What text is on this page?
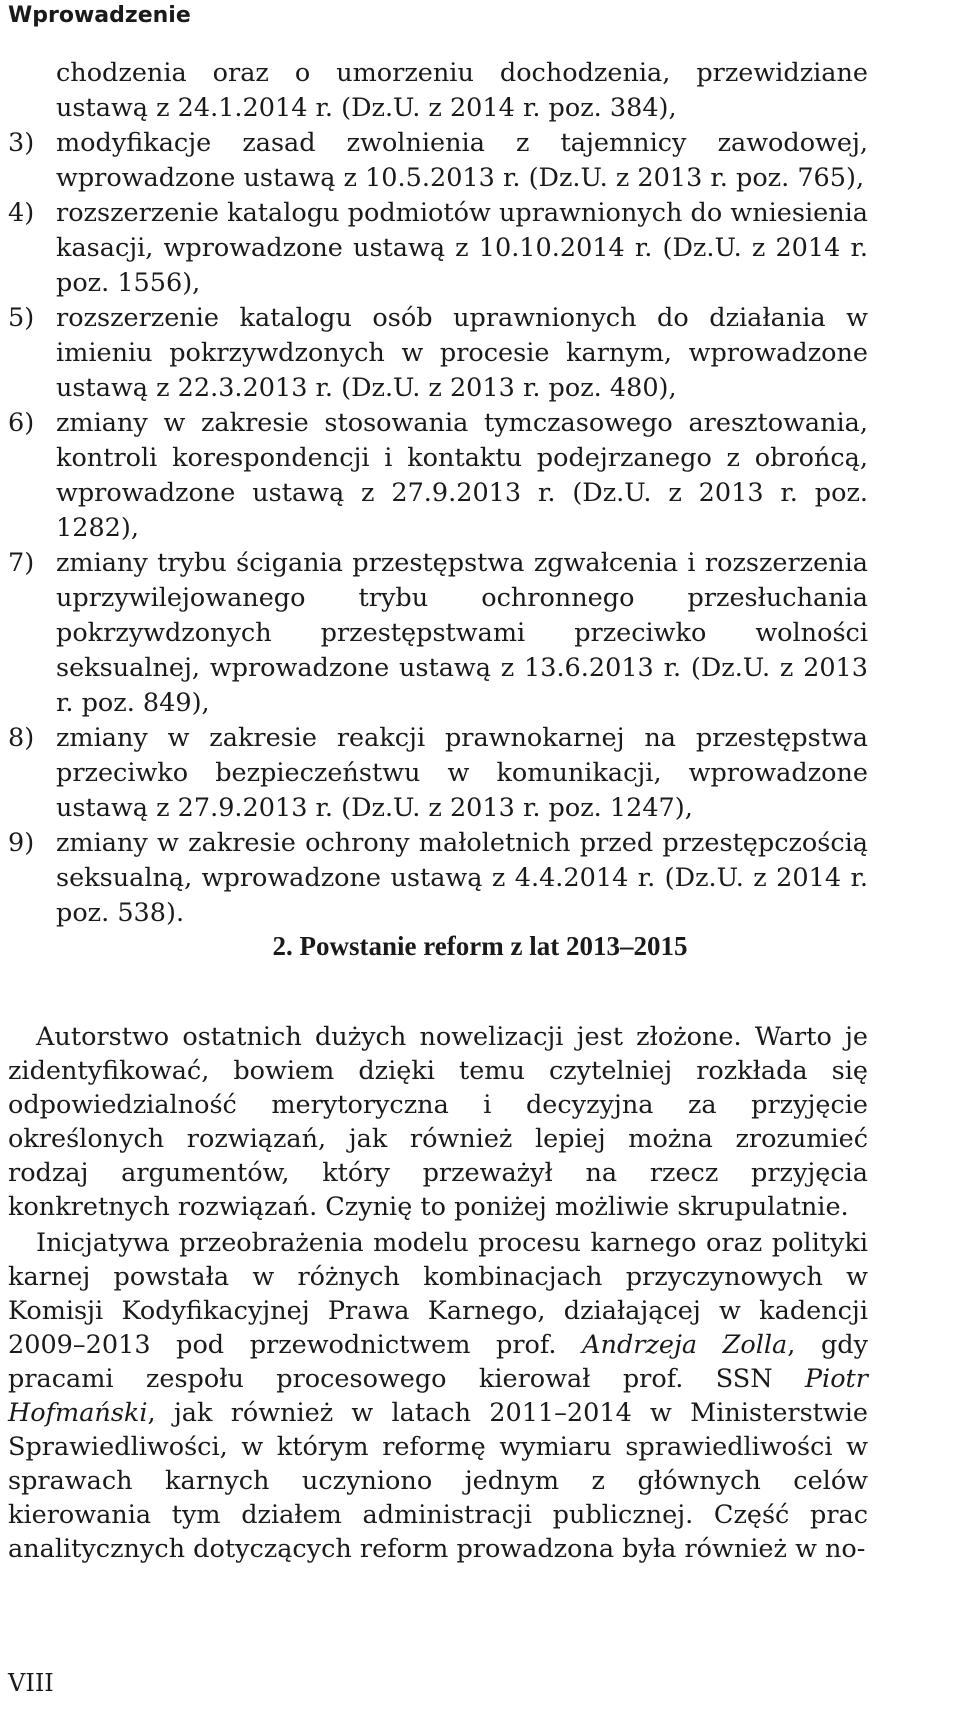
Wprowadzenie
chodzenia oraz o umorzeniu dochodzenia, przewidziane ustawą z 24.1.2014 r. (Dz.U. z 2014 r. poz. 384),
3) modyfikacje zasad zwolnienia z tajemnicy zawodowej, wprowadzone ustawą z 10.5.2013 r. (Dz.U. z 2013 r. poz. 765),
4) rozszerzenie katalogu podmiotów uprawnionych do wniesienia kasacji, wprowadzone ustawą z 10.10.2014 r. (Dz.U. z 2014 r. poz. 1556),
5) rozszerzenie katalogu osób uprawnionych do działania w imieniu pokrzywdzonych w procesie karnym, wprowadzone ustawą z 22.3.2013 r. (Dz.U. z 2013 r. poz. 480),
6) zmiany w zakresie stosowania tymczasowego aresztowania, kontroli korespondencji i kontaktu podejrzanego z obrońcą, wprowadzone ustawą z 27.9.2013 r. (Dz.U. z 2013 r. poz. 1282),
7) zmiany trybu ścigania przestępstwa zgwałcenia i rozszerzenia uprzywilejowanego trybu ochronnego przesłuchania pokrzywdzonych przestępstwami przeciwko wolności seksualnej, wprowadzone ustawą z 13.6.2013 r. (Dz.U. z 2013 r. poz. 849),
8) zmiany w zakresie reakcji prawnokarnej na przestępstwa przeciwko bezpieczeństwu w komunikacji, wprowadzone ustawą z 27.9.2013 r. (Dz.U. z 2013 r. poz. 1247),
9) zmiany w zakresie ochrony małoletnich przed przestępczością seksualną, wprowadzone ustawą z 4.4.2014 r. (Dz.U. z 2014 r. poz. 538).
2. Powstanie reform z lat 2013–2015

Autorstwo ostatnich dużych nowelizacji jest złożone. Warto je zidentyfikować, bowiem dzięki temu czytelniej rozkłada się odpowiedzialność merytoryczna i decyzyjna za przyjęcie określonych rozwiązań, jak również lepiej można zrozumieć rodzaj argumentów, który przeważył na rzecz przyjęcia konkretnych rozwiązań. Czynię to poniżej możliwie skrupulatnie.

Inicjatywa przeobrażenia modelu procesu karnego oraz polityki karnej powstała w różnych kombinacjach przyczynowych w Komisji Kodyfikacyjnej Prawa Karnego, działającej w kadencji 2009–2013 pod przewodnictwem prof. Andrzeja Zolla, gdy pracami zespołu procesowego kierował prof. SSN Piotr Hofmański, jak również w latach 2011–2014 w Ministerstwie Sprawiedliwości, w którym reformę wymiaru sprawiedliwości w sprawach karnych uczyniono jednym z głównych celów kierowania tym działem administracji publicznej. Część prac analitycznych dotyczących reform prowadzona była również w no-

VIII
